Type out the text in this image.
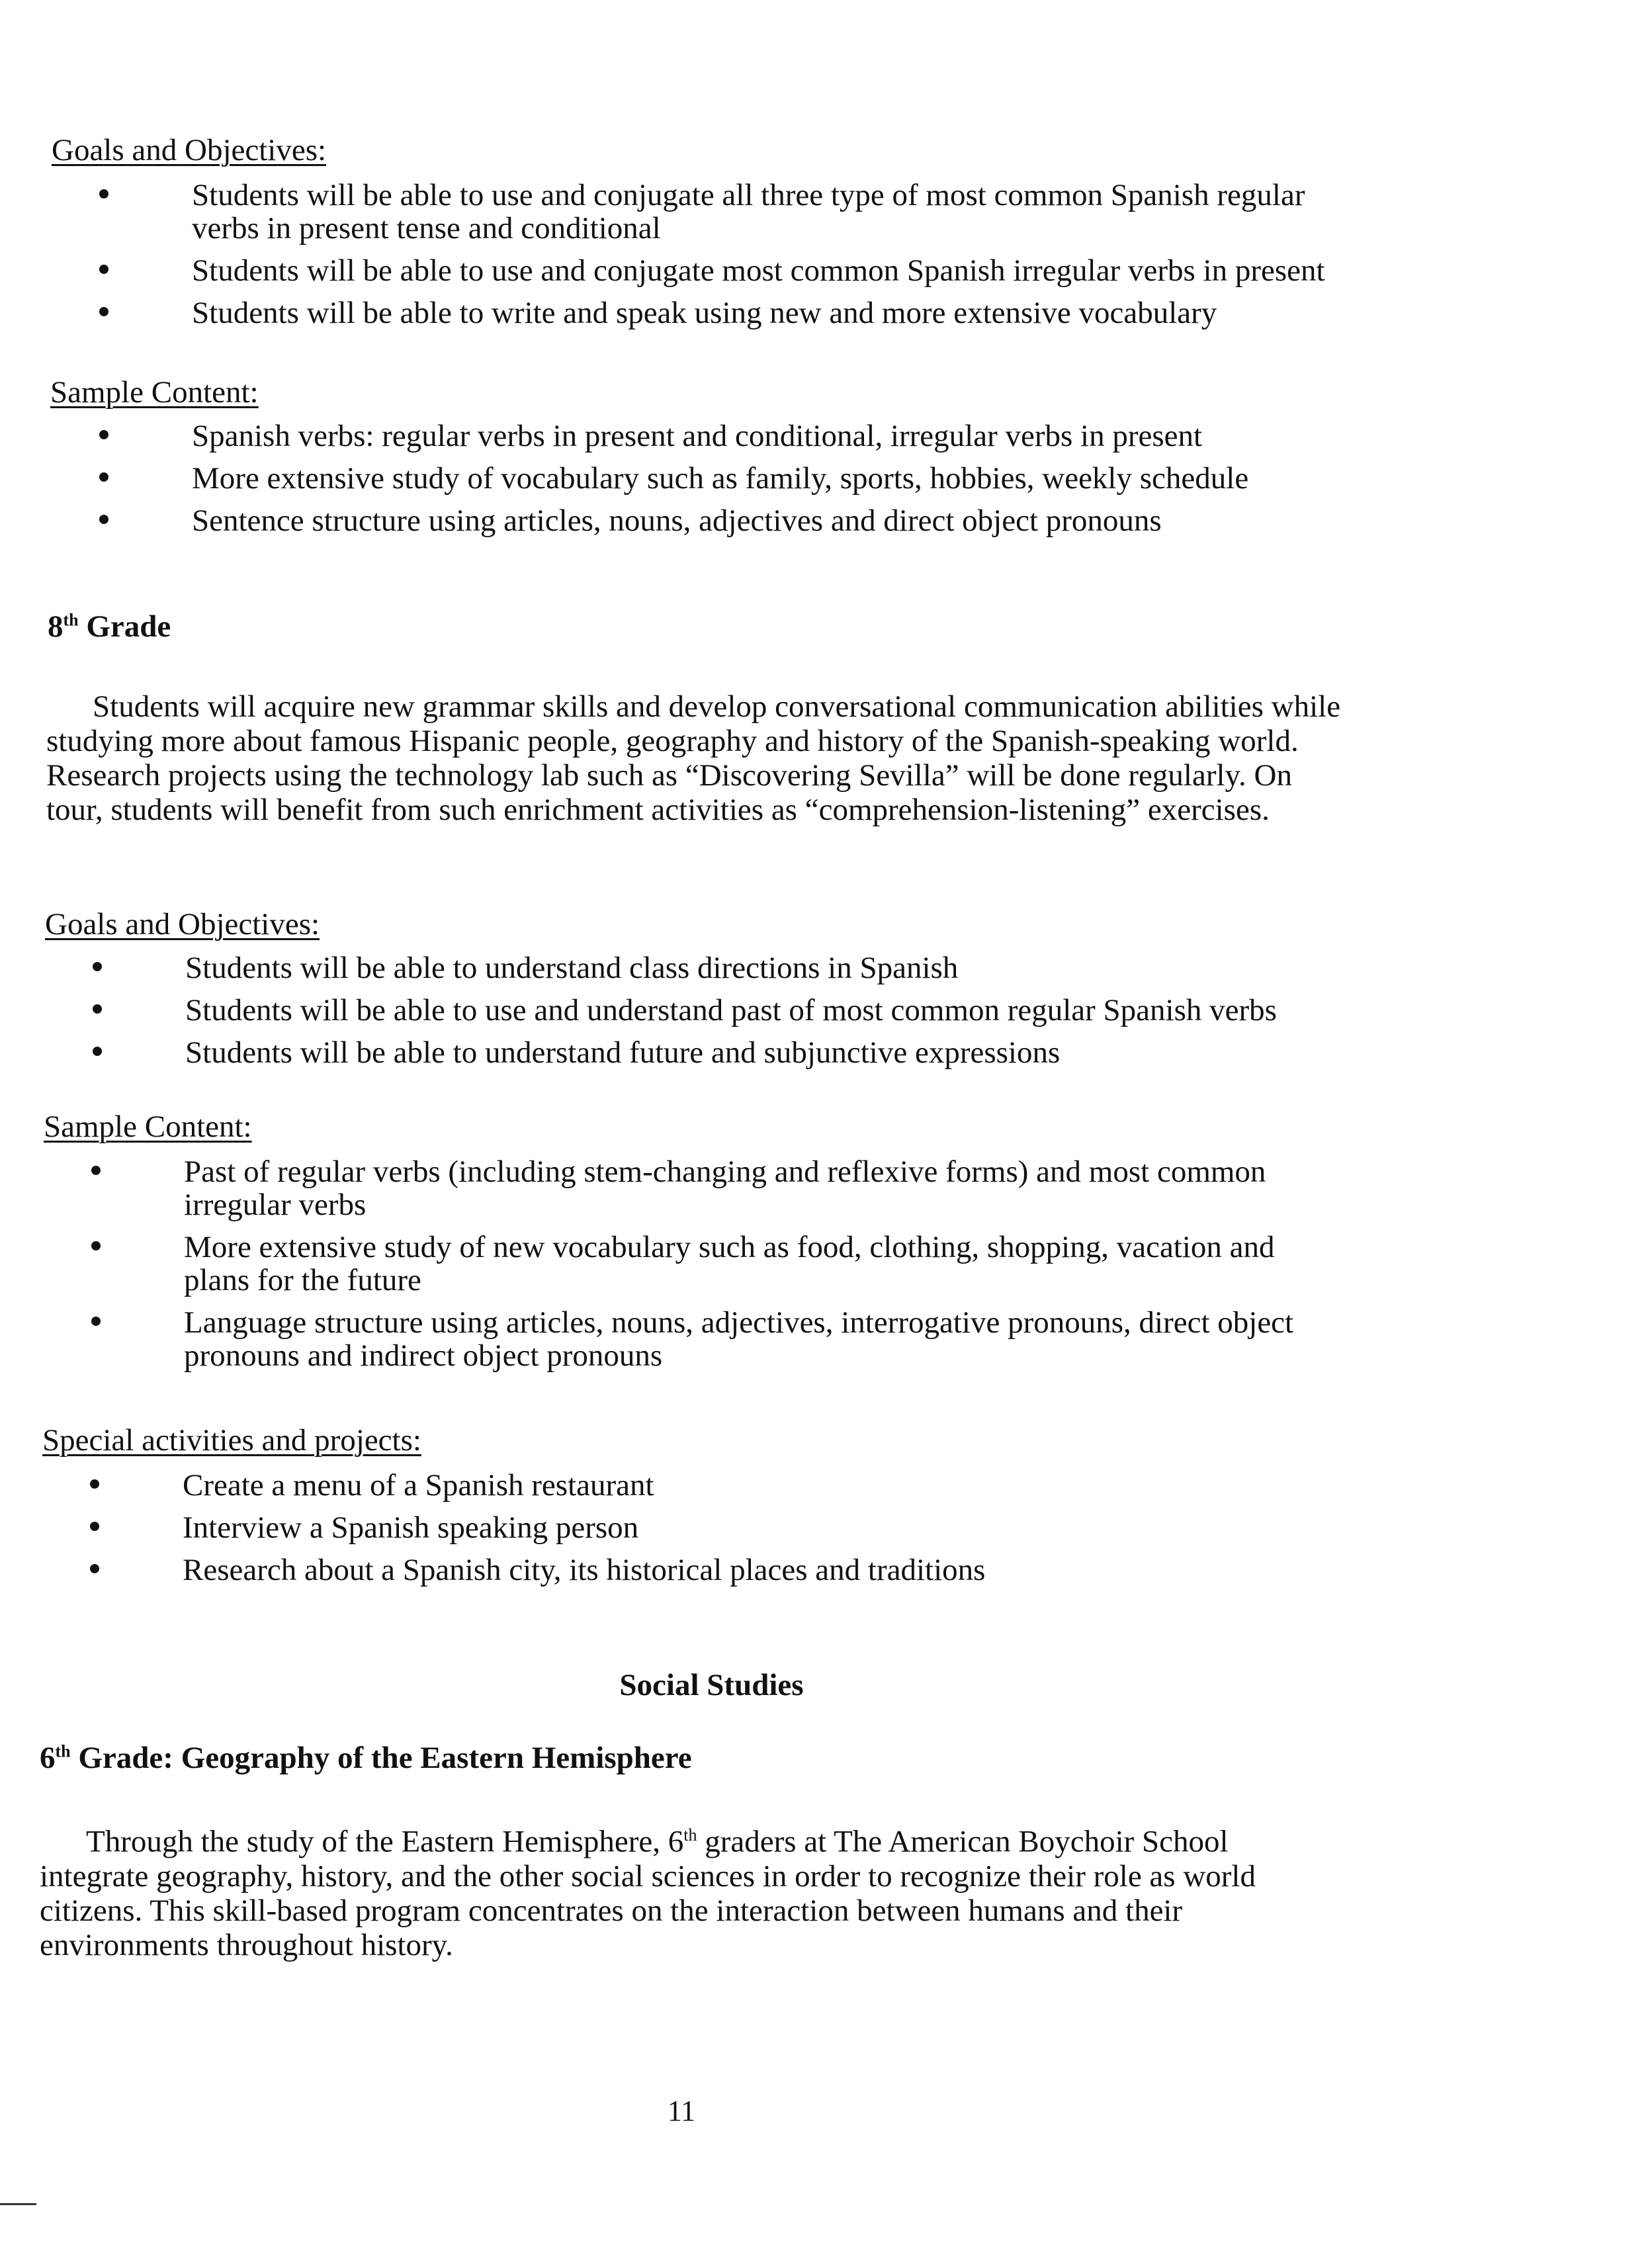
Goals and Objectives:
Students will be able to use and conjugate all three type of most common Spanish regular verbs in present tense and conditional
Students will be able to use and conjugate most common Spanish irregular verbs in present
Students will be able to write and speak using new and more extensive vocabulary
Sample Content:
Spanish verbs: regular verbs in present and conditional, irregular verbs in present
More extensive study of vocabulary such as family, sports, hobbies, weekly schedule
Sentence structure using articles, nouns, adjectives and direct object pronouns
8th Grade

Students will acquire new grammar skills and develop conversational communication abilities while studying more about famous Hispanic people, geography and history of the Spanish-speaking world. Research projects using the technology lab such as “Discovering Sevilla” will be done regularly. On tour, students will benefit from such enrichment activities as “comprehension-listening” exercises.

Goals and Objectives:
Students will be able to understand class directions in Spanish
Students will be able to use and understand past of most common regular Spanish verbs
Students will be able to understand future and subjunctive expressions
Sample Content:
Past of regular verbs (including stem-changing and reflexive forms) and most common irregular verbs
More extensive study of new vocabulary such as food, clothing, shopping, vacation and plans for the future
Language structure using articles, nouns, adjectives, interrogative pronouns, direct object pronouns and indirect object pronouns
Special activities and projects:
Create a menu of a Spanish restaurant
Interview a Spanish speaking person
Research about a Spanish city, its historical places and traditions
Social Studies
6th Grade: Geography of the Eastern Hemisphere

Through the study of the Eastern Hemisphere, 6th graders at The American Boychoir School integrate geography, history, and the other social sciences in order to recognize their role as world citizens. This skill-based program concentrates on the interaction between humans and their environments throughout history.

11
